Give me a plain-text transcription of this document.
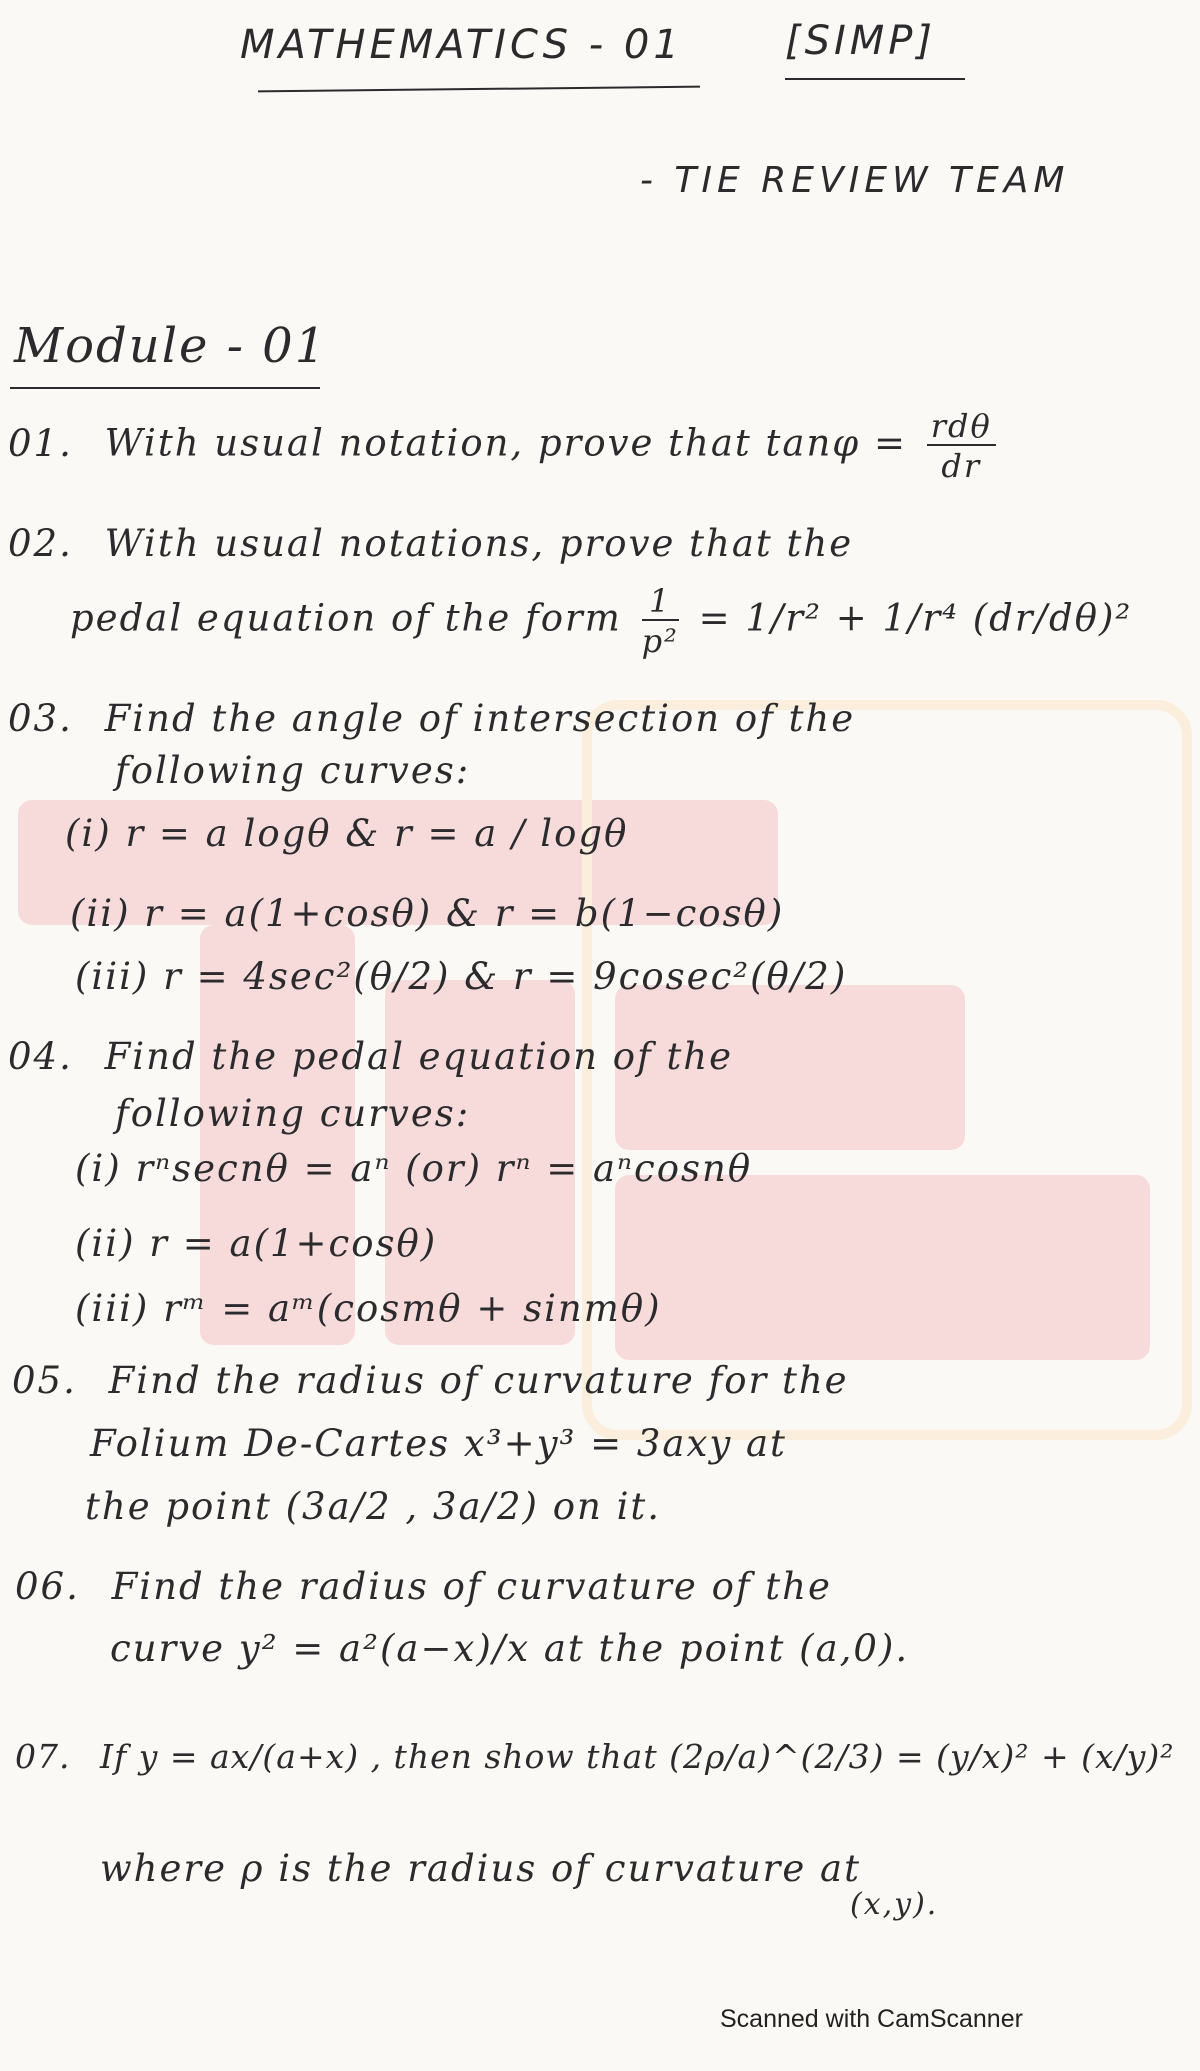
MATHEMATICS - 01	[SIMP]
- TIE REVIEW TEAM
Module - 01
01. With usual notation, prove that $\tan\varphi = \frac{\text{rdθ}}{dr}$
02. With usual notations, prove that the
pedal equation of the form $\frac{1}{\text{p²}} = 1/r^2 + 1/r^4$ (dr/dθ)²
03. Find the angle of intersection of the
following curves:
(i) r = a logθ & r = a / logθ
(ii) r = a(1+cosθ) & r = b(1−cosθ)
(iii) r = 4sec²(θ/2) & r = 9cosec²(θ/2)
04. Find the pedal equation of the
following curves:
(i) rⁿsecnθ = aⁿ (or) rⁿ = aⁿcosnθ
(ii) r = a(1+cosθ)
(iii) rᵐ = aᵐ(cosmθ + sinmθ)
05. Find the radius of curvature for the
Folium De-Cartes x³+y³ = 3axy at
the point (3a/2 , 3a/2) on it.
06. Find the radius of curvature of the
curve y² = a²(a−x)/x at the point (a,0).
07. If y = ax/(a+x) , then show that (2ρ/a)^(2/3) = (y/x)² + (x/y)²
where ρ is the radius of curvature at
(x,y).
Scanned with CamScanner
